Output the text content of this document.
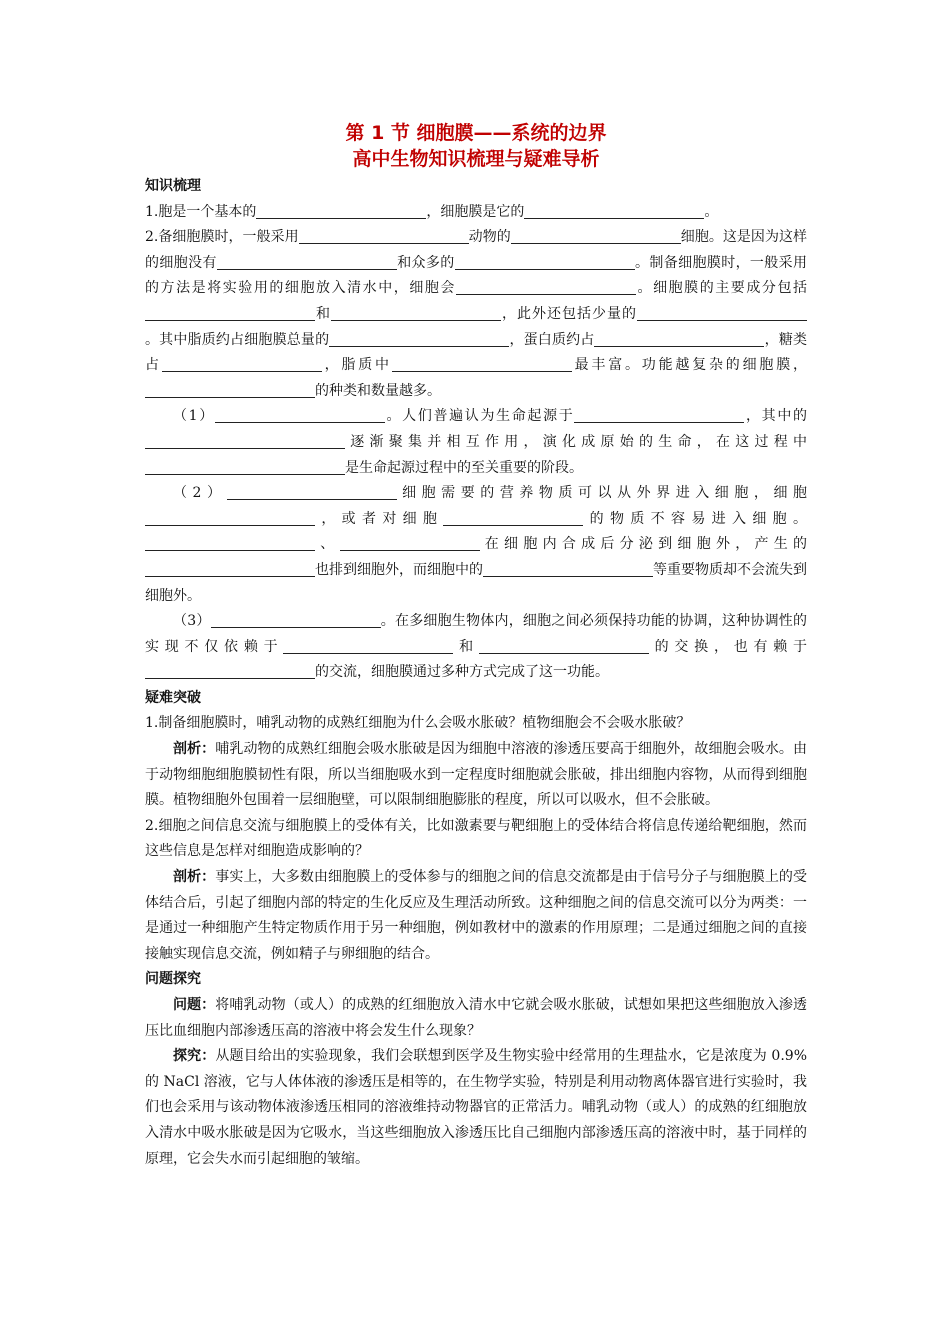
第 1 节 细胞膜——系统的边界
高中生物知识梳理与疑难导析
知识梳理

1.胞是一个基本的	，细胞膜是它的	。

2.备细胞膜时，一般采用	动物的	细胞。这是因为这样的细胞没有	和众多的	。制备细胞膜时，一般采用的方法是将实验用的细胞放入清水中，细胞会	。细胞膜的主要成分包括和	，此外还包括少量的。其中脂质约占细胞膜总量的	，蛋白质约占	，糖类占	，脂质中	最丰富。功能越复杂的细胞膜，的种类和数量越多。

（1）	。人们普遍认为生命起源于	，其中的逐渐聚集并相互作用，演化成原始的生命，在这过程中是生命起源过程中的至关重要的阶段。

（2）	细胞需要的营养物质可以从外界进入细胞，细胞，或者对细胞	的物质不容易进入细胞。、	在细胞内合成后分泌到细胞外，产生的也排到细胞外，而细胞中的	等重要物质却不会流失到细胞外。

（3）	。在多细胞生物体内，细胞之间必须保持功能的协调，这种协调性的实现不仅依赖于	和	的交换，也有赖于的交流，细胞膜通过多种方式完成了这一功能。

疑难突破

1.制备细胞膜时，哺乳动物的成熟红细胞为什么会吸水胀破？植物细胞会不会吸水胀破？

剖析：哺乳动物的成熟红细胞会吸水胀破是因为细胞中溶液的渗透压要高于细胞外，故细胞会吸水。由于动物细胞细胞膜韧性有限，所以当细胞吸水到一定程度时细胞就会胀破，排出细胞内容物，从而得到细胞膜。植物细胞外包围着一层细胞壁，可以限制细胞膨胀的程度，所以可以吸水，但不会胀破。

2.细胞之间信息交流与细胞膜上的受体有关，比如激素要与靶细胞上的受体结合将信息传递给靶细胞，然而这些信息是怎样对细胞造成影响的？

剖析：事实上，大多数由细胞膜上的受体参与的细胞之间的信息交流都是由于信号分子与细胞膜上的受体结合后，引起了细胞内部的特定的生化反应及生理活动所致。这种细胞之间的信息交流可以分为两类：一是通过一种细胞产生特定物质作用于另一种细胞，例如教材中的激素的作用原理；二是通过细胞之间的直接接触实现信息交流，例如精子与卵细胞的结合。

问题探究

问题：将哺乳动物（或人）的成熟的红细胞放入清水中它就会吸水胀破，试想如果把这些细胞放入渗透压比血细胞内部渗透压高的溶液中将会发生什么现象？

探究：从题目给出的实验现象，我们会联想到医学及生物实验中经常用的生理盐水，它是浓度为 0.9%的 NaCl 溶液，它与人体体液的渗透压是相等的，在生物学实验，特别是利用动物离体器官进行实验时，我们也会采用与该动物体液渗透压相同的溶液维持动物器官的正常活力。哺乳动物（或人）的成熟的红细胞放入清水中吸水胀破是因为它吸水，当这些细胞放入渗透压比自己细胞内部渗透压高的溶液中时，基于同样的原理，它会失水而引起细胞的皱缩。
